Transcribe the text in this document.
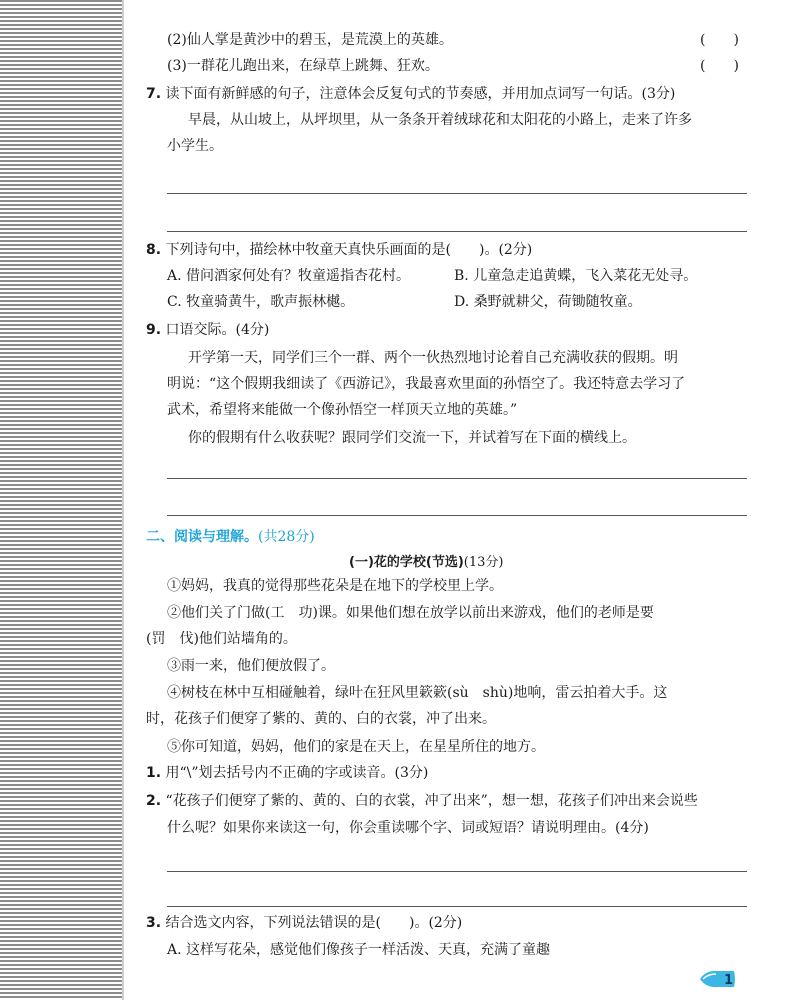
(2)仙人掌是黄沙中的碧玉，是荒漠上的英雄。	(　　)
(3)一群花儿跑出来，在绿草上跳舞、狂欢。	(　　)
7. 读下面有新鲜感的句子，注意体会反复句式的节奏感，并用加点词写一句话。(3分)
早晨，从山坡上，从坪坝里，从一条条开着绒球花和太阳花的小路上，走来了许多
小学生。
8. 下列诗句中，描绘林中牧童天真快乐画面的是(　　)。(2分)
A. 借问酒家何处有？牧童遥指杏花村。	B. 儿童急走追黄蝶，飞入菜花无处寻。
C. 牧童骑黄牛，歌声振林樾。	D. 桑野就耕父，荷锄随牧童。
9. 口语交际。(4分)
开学第一天，同学们三个一群、两个一伙热烈地讨论着自己充满收获的假期。明
明说：“这个假期我细读了《西游记》，我最喜欢里面的孙悟空了。我还特意去学习了
武术，希望将来能做一个像孙悟空一样顶天立地的英雄。”
你的假期有什么收获呢？跟同学们交流一下，并试着写在下面的横线上。
二、阅读与理解。(共28分)
(一)花的学校(节选)(13分)
①妈妈，我真的觉得那些花朵是在地下的学校里上学。
②他们关了门做(工　功)课。如果他们想在放学以前出来游戏，他们的老师是要
(罚　伐)他们站墙角的。
③雨一来，他们便放假了。
④树枝在林中互相碰触着，绿叶在狂风里簌簌(sù　shù)地响，雷云拍着大手。这
时，花孩子们便穿了紫的、黄的、白的衣裳，冲了出来。
⑤你可知道，妈妈，他们的家是在天上，在星星所住的地方。
1. 用“\”划去括号内不正确的字或读音。(3分)
2. “花孩子们便穿了紫的、黄的、白的衣裳，冲了出来”，想一想，花孩子们冲出来会说些
什么呢？如果你来读这一句，你会重读哪个字、词或短语？请说明理由。(4分)
3. 结合选文内容，下列说法错误的是(　　)。(2分)
A. 这样写花朵，感觉他们像孩子一样活泼、天真，充满了童趣
1
